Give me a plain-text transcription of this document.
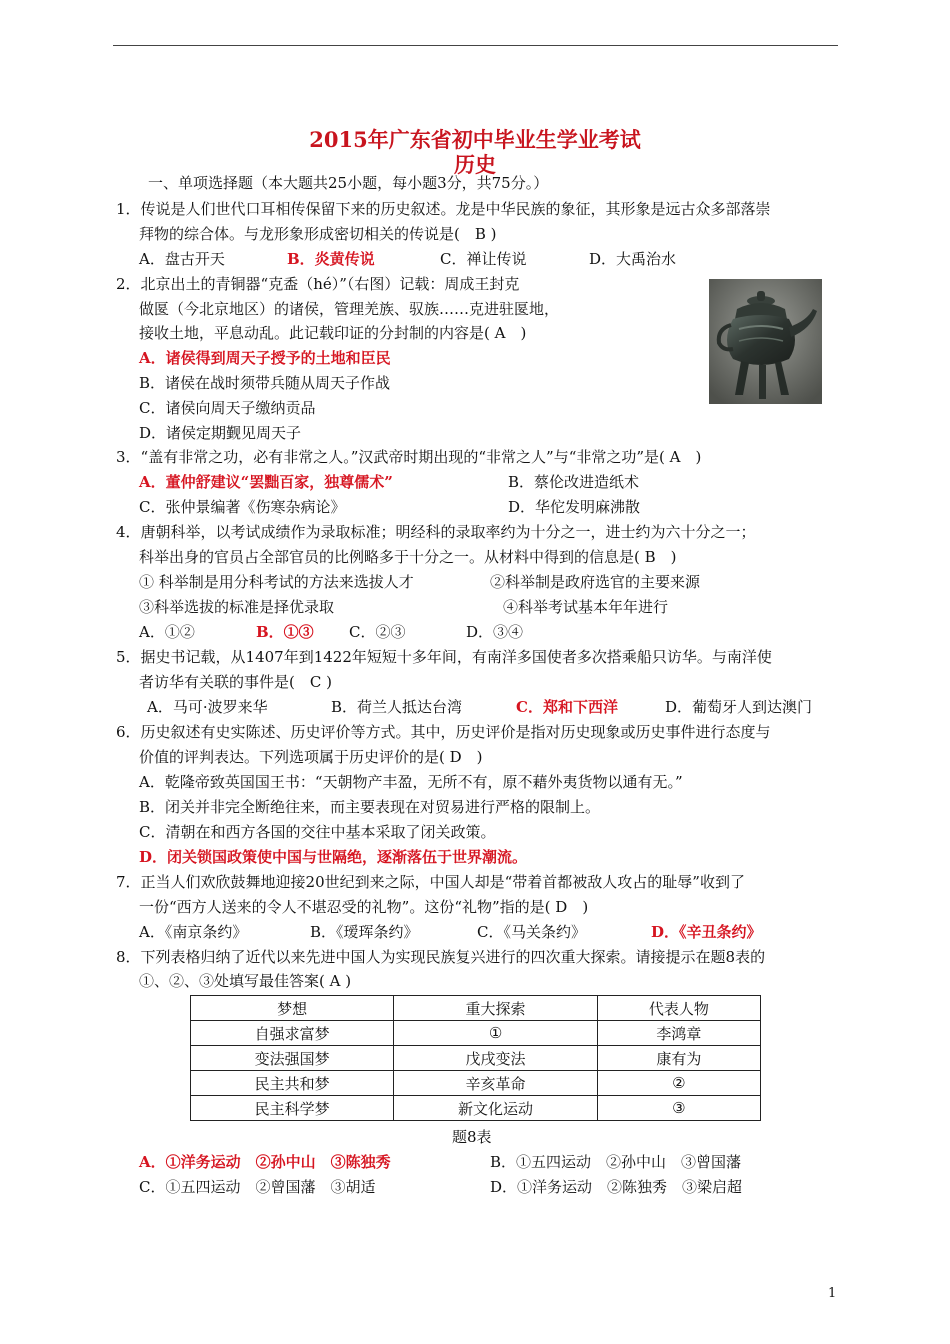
2015年广东省初中毕业生学业考试
历史
一、单项选择题（本大题共25小题，每小题3分，共75分。）
1．传说是人们世代口耳相传保留下来的历史叙述。龙是中华民族的象征，其形象是远古众多部落崇
拜物的综合体。与龙形象形成密切相关的传说是(　B )
A．盘古开天	B．炎黄传说	C．禅让传说	D．大禹治水
2．北京出土的青铜器“克盉（hé）”（右图）记载：周成王封克
做匽（今北京地区）的诸侯，管理羌族、驭族……克进驻匽地，
接收土地，平息动乱。此记载印证的分封制的内容是( A　)
A．诸侯得到周天子授予的土地和臣民
B．诸侯在战时须带兵随从周天子作战
C．诸侯向周天子缴纳贡品
D．诸侯定期觐见周天子
3．“盖有非常之功，必有非常之人。”汉武帝时期出现的“非常之人”与“非常之功”是( A　)
A．董仲舒建议“罢黜百家，独尊儒术”	B．蔡伦改进造纸术
C．张仲景编著《伤寒杂病论》	D．华佗发明麻沸散
4．唐朝科举，以考试成绩作为录取标准；明经科的录取率约为十分之一，进士约为六十分之一；
科举出身的官员占全部官员的比例略多于十分之一。从材料中得到的信息是( B　)
① 科举制是用分科考试的方法来选拔人才	②科举制是政府选官的主要来源
③科举选拔的标准是择优录取	④科举考试基本年年进行
A．①②	B．①③ C．②③	D．③④
5．据史书记载，从1407年到1422年短短十多年间，有南洋多国使者多次搭乘船只访华。与南洋使
者访华有关联的事件是(　C )
A．马可·波罗来华	B．荷兰人抵达台湾	C．郑和下西洋	D．葡萄牙人到达澳门
6．历史叙述有史实陈述、历史评价等方式。其中，历史评价是指对历史现象或历史事件进行态度与
价值的评判表达。下列选项属于历史评价的是( D　)
A．乾隆帝致英国国王书：“天朝物产丰盈，无所不有，原不藉外夷货物以通有无。”
B．闭关并非完全断绝往来，而主要表现在对贸易进行严格的限制上。
C．清朝在和西方各国的交往中基本采取了闭关政策。
D．闭关锁国政策使中国与世隔绝，逐渐落伍于世界潮流。
7．正当人们欢欣鼓舞地迎接20世纪到来之际，中国人却是“带着首都被敌人攻占的耻辱”收到了
一份“西方人送来的令人不堪忍受的礼物”。这份“礼物”指的是( D　)
A．《南京条约》	B．《瑷珲条约》	C．《马关条约》	D．《辛丑条约》
8．下列表格归纳了近代以来先进中国人为实现民族复兴进行的四次重大探索。请接提示在题8表的
①、②、③处填写最佳答案( A )
梦想	重大探索	代表人物
自强求富梦	①	李鸿章
变法强国梦	戊戌变法	康有为
民主共和梦	辛亥革命	②
民主科学梦	新文化运动	③
题8表
A．①洋务运动　②孙中山　③陈独秀	B．①五四运动　②孙中山　③曾国藩
C．①五四运动　②曾国藩　③胡适	D．①洋务运动　②陈独秀　③梁启超
1
